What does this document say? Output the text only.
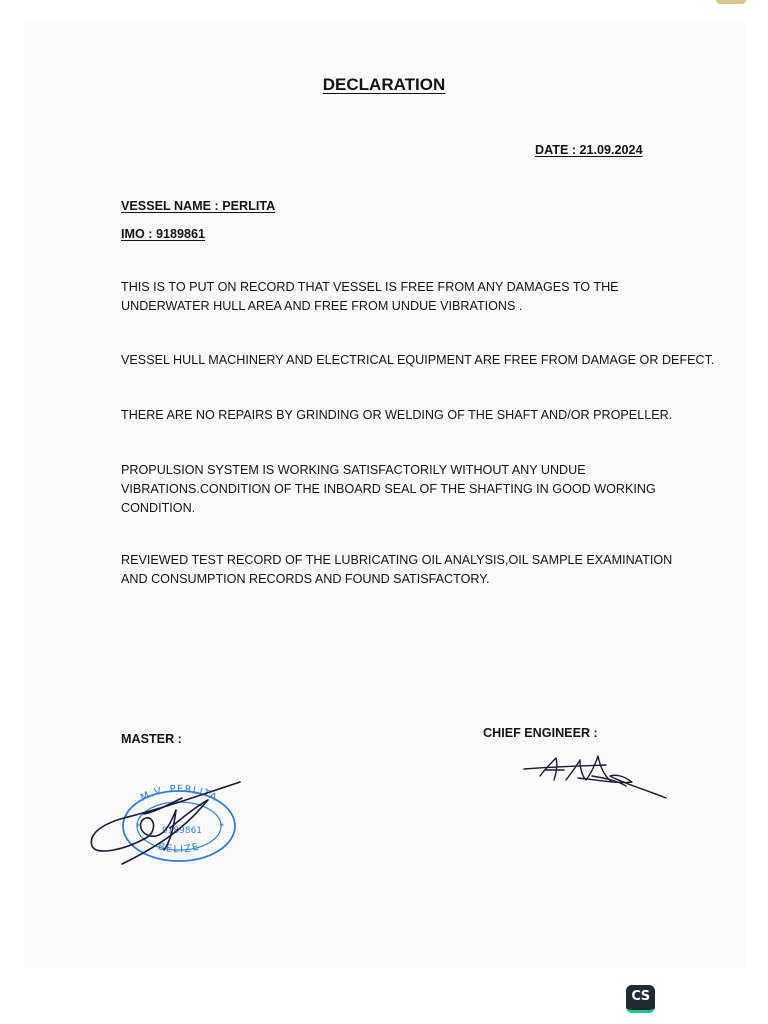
DECLARATION
DATE : 21.09.2024
VESSEL NAME : PERLITA
IMO : 9189861
THIS IS TO PUT ON RECORD THAT VESSEL IS FREE FROM ANY DAMAGES TO THE UNDERWATER HULL AREA AND FREE FROM UNDUE VIBRATIONS .
VESSEL HULL MACHINERY AND ELECTRICAL EQUIPMENT ARE FREE FROM DAMAGE OR DEFECT.
THERE ARE NO REPAIRS BY GRINDING OR WELDING OF THE SHAFT AND/OR PROPELLER.
PROPULSION SYSTEM IS WORKING SATISFACTORILY WITHOUT ANY UNDUE VIBRATIONS.CONDITION OF THE INBOARD SEAL OF THE SHAFTING IN GOOD WORKING CONDITION.
REVIEWED TEST RECORD OF THE LUBRICATING OIL ANALYSIS,OIL SAMPLE EXAMINATION AND CONSUMPTION RECORDS AND FOUND SATISFACTORY.
MASTER :	CHIEF ENGINEER :
M.V. PERLITA
BELIZE
9189861
*	*
CS
